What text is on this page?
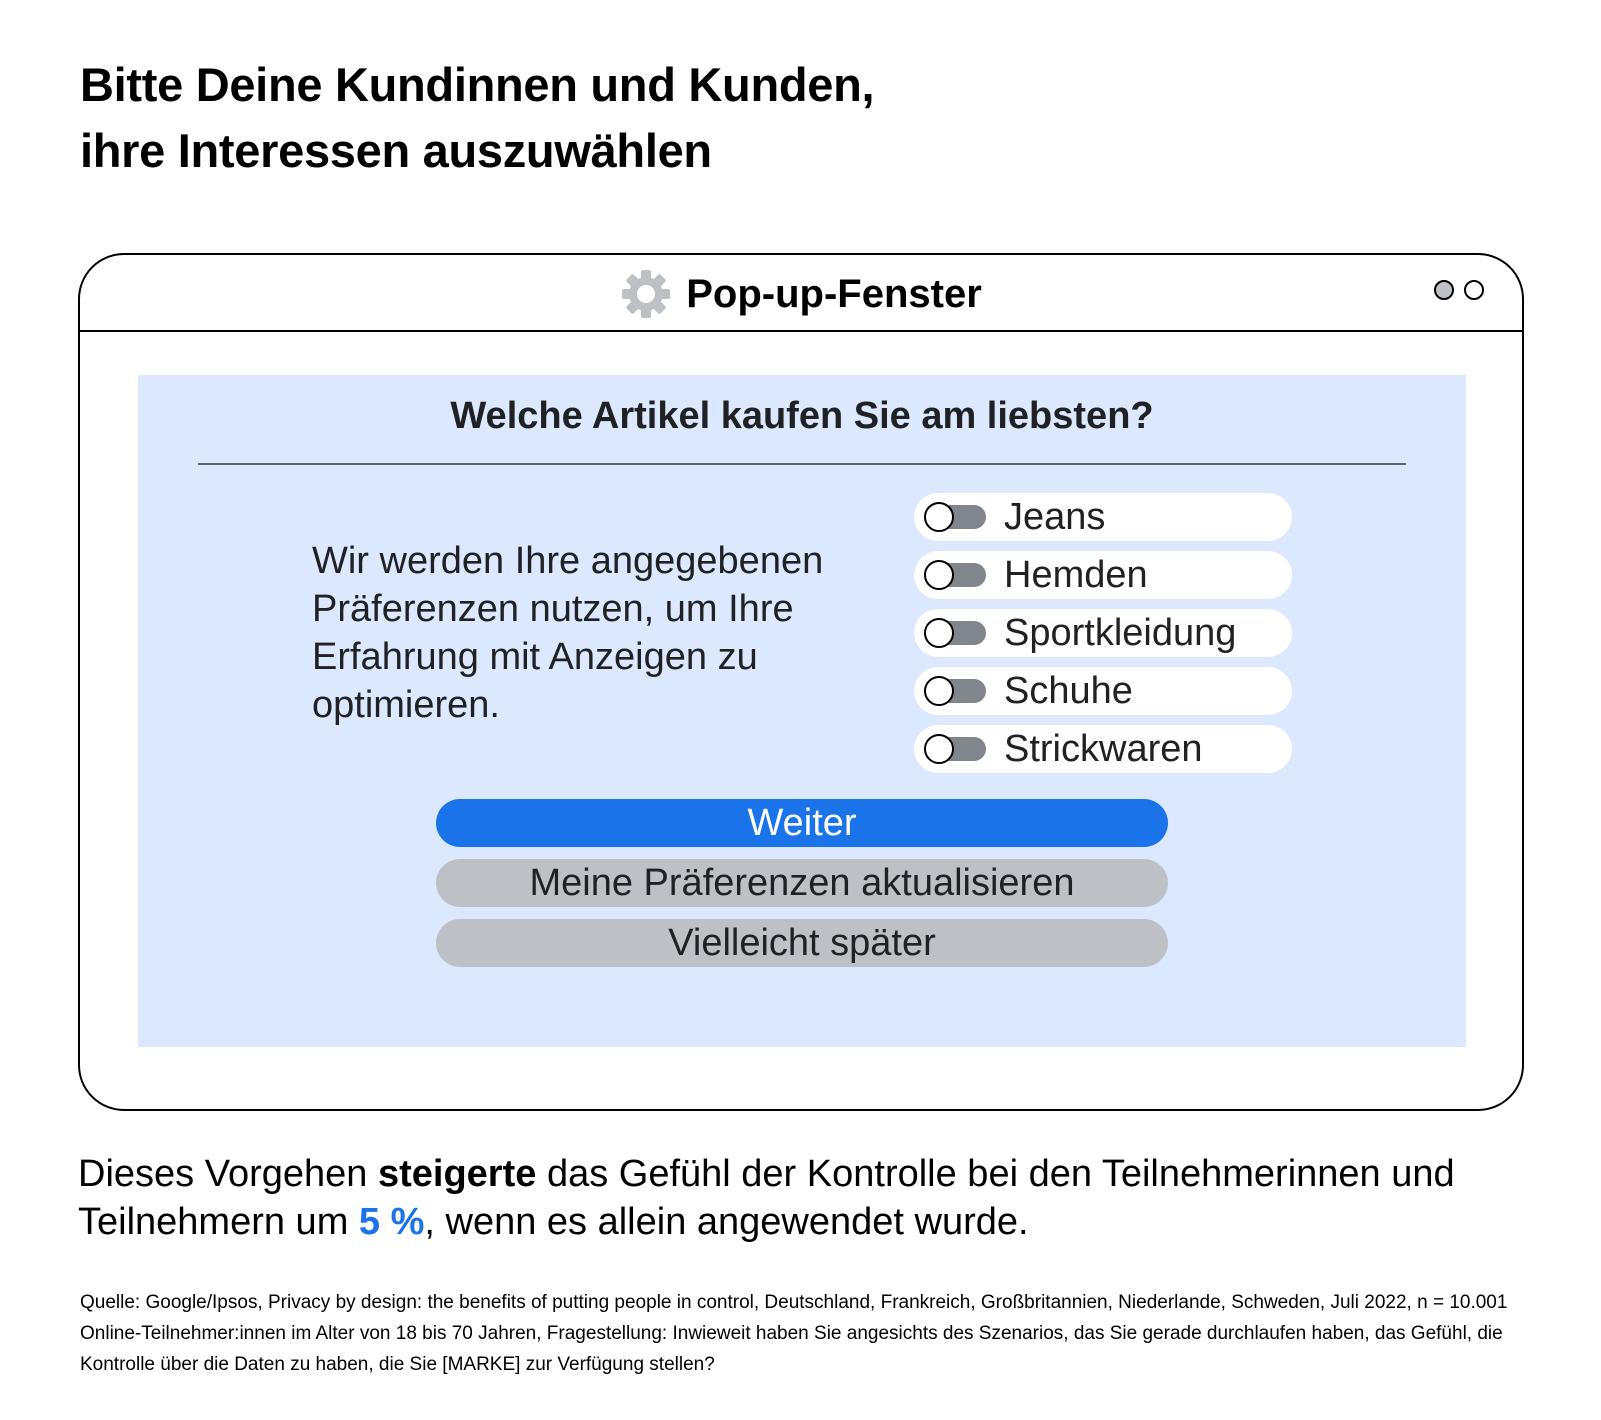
Bitte Deine Kundinnen und Kunden,
ihre Interessen auszuwählen
Pop-up-Fenster
Welche Artikel kaufen Sie am liebsten?
Wir werden Ihre angegebenen Präferenzen nutzen, um Ihre Erfahrung mit Anzeigen zu optimieren.
Jeans
Hemden
Sportkleidung
Schuhe
Strickwaren
Weiter
Meine Präferenzen aktualisieren
Vielleicht später
Dieses Vorgehen steigerte das Gefühl der Kontrolle bei den Teilnehmerinnen und Teilnehmern um 5 %, wenn es allein angewendet wurde.
Quelle: Google/Ipsos, Privacy by design: the benefits of putting people in control, Deutschland, Frankreich, Großbritannien, Niederlande, Schweden, Juli 2022, n = 10.001 Online-Teilnehmer:innen im Alter von 18 bis 70 Jahren, Fragestellung: Inwieweit haben Sie angesichts des Szenarios, das Sie gerade durchlaufen haben, das Gefühl, die Kontrolle über die Daten zu haben, die Sie [MARKE] zur Verfügung stellen?
